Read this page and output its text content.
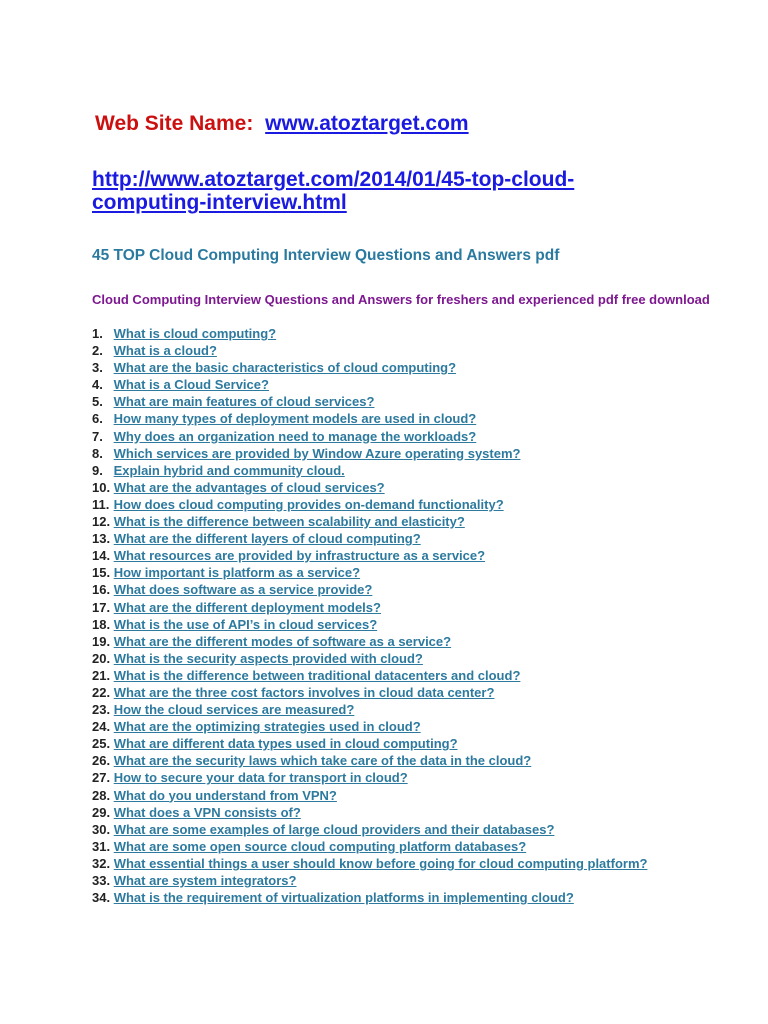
Web Site Name: www.atoztarget.com
http://www.atoztarget.com/2014/01/45-top-cloud-computing-interview.html
45 TOP Cloud Computing Interview Questions and Answers pdf
Cloud Computing Interview Questions and Answers for freshers and experienced pdf free download
1. What is cloud computing?
2. What is a cloud?
3. What are the basic characteristics of cloud computing?
4. What is a Cloud Service?
5. What are main features of cloud services?
6. How many types of deployment models are used in cloud?
7. Why does an organization need to manage the workloads?
8. Which services are provided by Window Azure operating system?
9. Explain hybrid and community cloud.
10. What are the advantages of cloud services?
11. How does cloud computing provides on-demand functionality?
12. What is the difference between scalability and elasticity?
13. What are the different layers of cloud computing?
14. What resources are provided by infrastructure as a service?
15. How important is platform as a service?
16. What does software as a service provide?
17. What are the different deployment models?
18. What is the use of API’s in cloud services?
19. What are the different modes of software as a service?
20. What is the security aspects provided with cloud?
21. What is the difference between traditional datacenters and cloud?
22. What are the three cost factors involves in cloud data center?
23. How the cloud services are measured?
24. What are the optimizing strategies used in cloud?
25. What are different data types used in cloud computing?
26. What are the security laws which take care of the data in the cloud?
27. How to secure your data for transport in cloud?
28. What do you understand from VPN?
29. What does a VPN consists of?
30. What are some examples of large cloud providers and their databases?
31. What are some open source cloud computing platform databases?
32. What essential things a user should know before going for cloud computing platform?
33. What are system integrators?
34. What is the requirement of virtualization platforms in implementing cloud?
